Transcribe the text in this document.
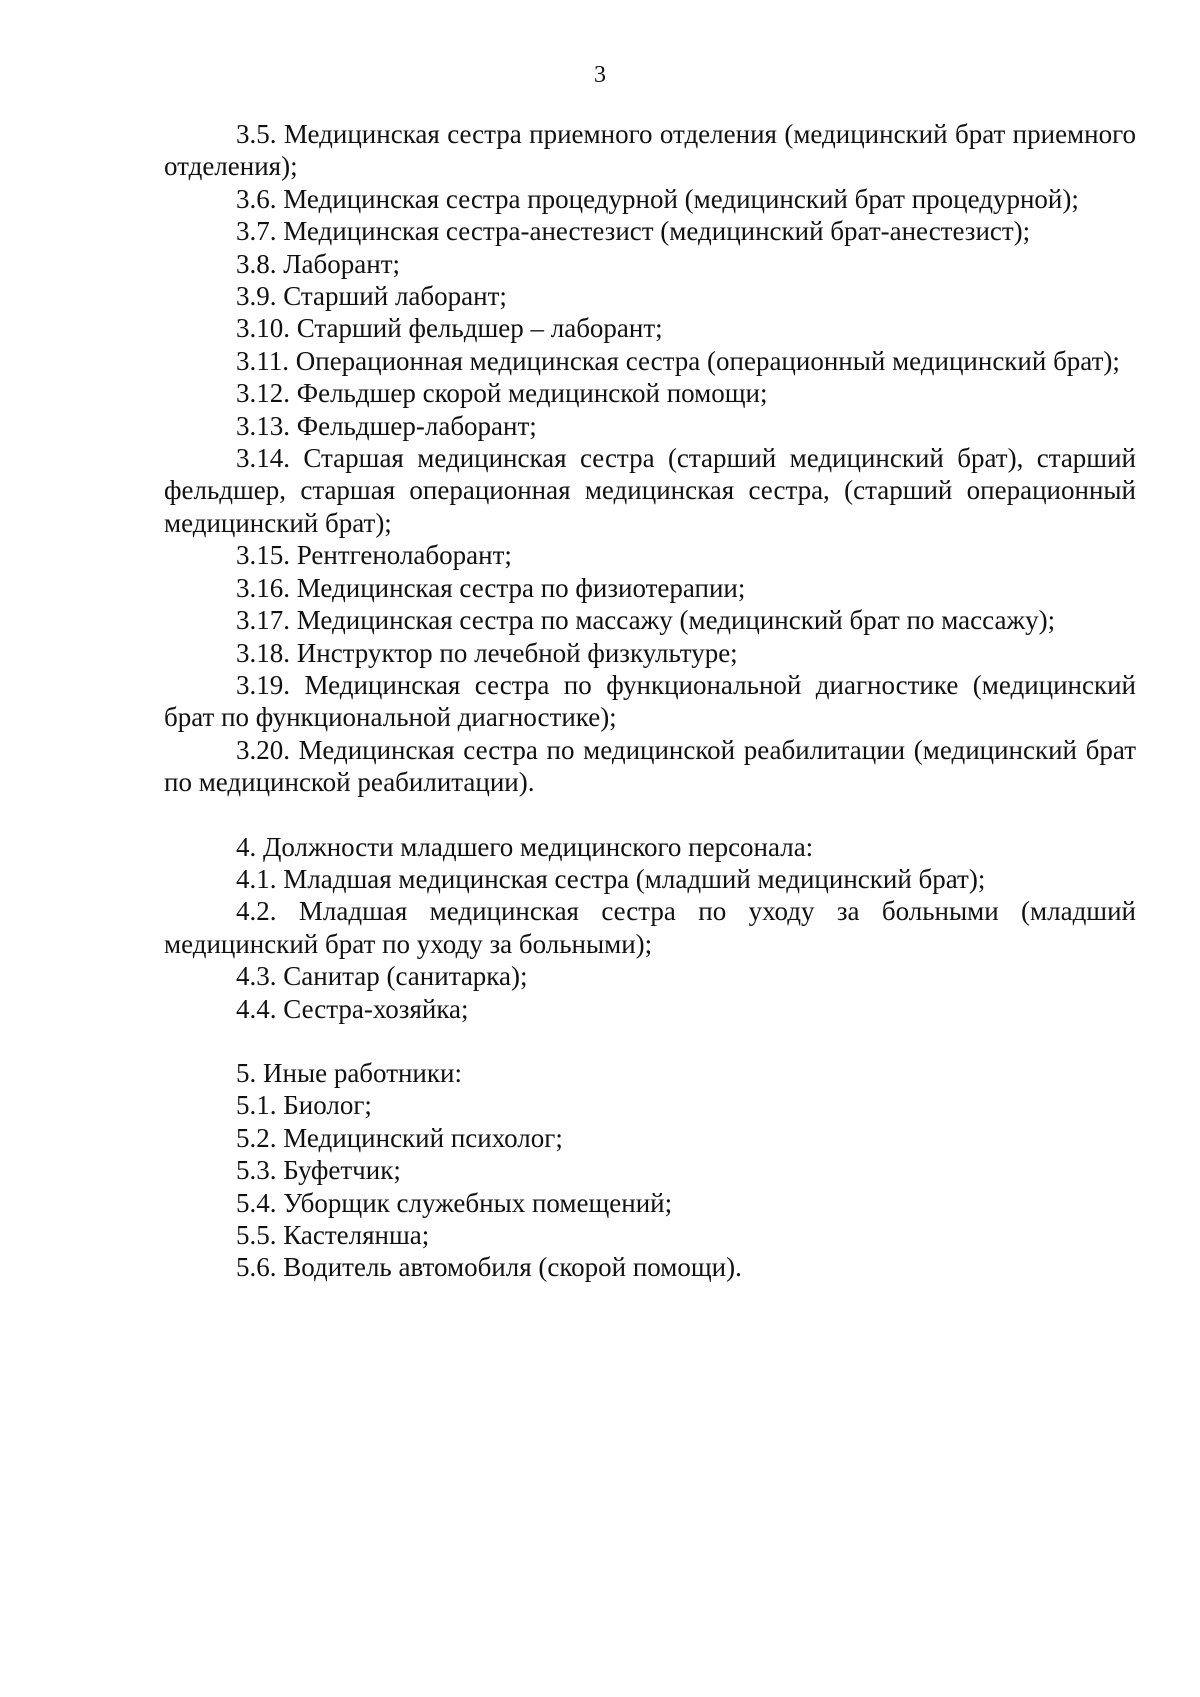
3

3.5. Медицинская сестра приемного отделения (медицинский брат приемного отделения);

3.6. Медицинская сестра процедурной (медицинский брат процедурной);

3.7. Медицинская сестра-анестезист (медицинский брат-анестезист);

3.8. Лаборант;

3.9. Старший лаборант;

3.10. Старший фельдшер – лаборант;

3.11. Операционная медицинская сестра (операционный медицинский брат);

3.12. Фельдшер скорой медицинской помощи;

3.13. Фельдшер-лаборант;

3.14. Старшая медицинская сестра (старший медицинский брат), старший фельдшер, старшая операционная медицинская сестра, (старший операционный медицинский брат);

3.15. Рентгенолаборант;

3.16. Медицинская сестра по физиотерапии;

3.17. Медицинская сестра по массажу (медицинский брат по массажу);

3.18. Инструктор по лечебной физкультуре;

3.19. Медицинская сестра по функциональной диагностике (медицинский брат по функциональной диагностике);

3.20. Медицинская сестра по медицинской реабилитации (медицинский брат по медицинской реабилитации).

4. Должности младшего медицинского персонала:

4.1. Младшая медицинская сестра (младший медицинский брат);

4.2. Младшая медицинская сестра по уходу за больными (младший медицинский брат по уходу за больными);

4.3. Санитар (санитарка);

4.4. Сестра-хозяйка;

5. Иные работники:

5.1. Биолог;

5.2. Медицинский психолог;

5.3. Буфетчик;

5.4. Уборщик служебных помещений;

5.5. Кастелянша;

5.6. Водитель автомобиля (скорой помощи).
